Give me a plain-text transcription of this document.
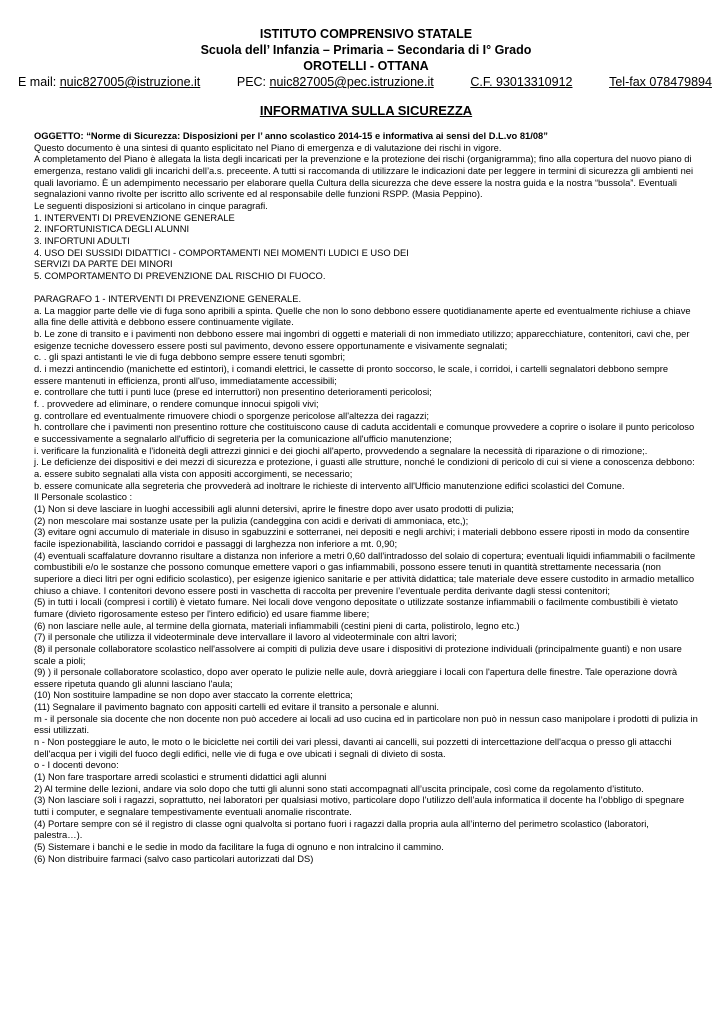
ISTITUTO COMPRENSIVO STATALE
Scuola dell’ Infanzia – Primaria – Secondaria di I° Grado
OROTELLI - OTTANA
E mail: nuic827005@istruzione.it	PEC: nuic827005@pec.istruzione.it	C.F. 93013310912	Tel-fax 078479894
INFORMATIVA SULLA SICUREZZA

OGGETTO: “Norme di Sicurezza: Disposizioni per l’ anno scolastico 2014-15 e informativa ai sensi del D.L.vo 81/08”

Questo documento è una sintesi di quanto esplicitato nel Piano di emergenza e di valutazione dei rischi in vigore.

A completamento del Piano è allegata la lista degli incaricati per la prevenzione e la protezione dei rischi (organigramma); fino alla copertura del nuovo piano di emergenza, restano validi gli incarichi dell’a.s. preceente. A tutti si raccomanda di utilizzare le indicazioni date per leggere in termini di sicurezza gli ambienti nei quali lavoriamo. È un adempimento necessario per elaborare quella Cultura della sicurezza che deve essere la nostra guida e la nostra “bussola”. Eventuali segnalazioni vanno rivolte per iscritto allo scrivente ed al responsabile delle funzioni RSPP. (Masia Peppino).

Le seguenti disposizioni si articolano in cinque paragrafi.

1. INTERVENTI DI PREVENZIONE GENERALE

2. INFORTUNISTICA DEGLI ALUNNI

3. INFORTUNI ADULTI

4. USO DEI SUSSIDI DIDATTICI - COMPORTAMENTI NEI MOMENTI LUDICI E USO DEI

SERVIZI DA PARTE DEI MINORI

5. COMPORTAMENTO DI PREVENZIONE DAL RISCHIO DI FUOCO.

PARAGRAFO 1 - INTERVENTI DI PREVENZIONE GENERALE.

a. La maggior parte delle vie di fuga sono apribili a spinta. Quelle che non lo sono debbono essere quotidianamente aperte ed eventualmente richiuse a chiave alla fine delle attività e debbono essere continuamente vigilate.

b. Le zone di transito e i pavimenti non debbono essere mai ingombri di oggetti e materiali di non immediato utilizzo; apparecchiature, contenitori, cavi che, per esigenze tecniche dovessero essere posti sul pavimento, devono essere opportunamente e visivamente segnalati;

c. . gli spazi antistanti le vie di fuga debbono sempre essere tenuti sgombri;

d. i mezzi antincendio (manichette ed estintori), i comandi elettrici, le cassette di pronto soccorso, le scale, i corridoi, i cartelli segnalatori debbono sempre essere mantenuti in efficienza, pronti all'uso, immediatamente accessibili;

e. controllare che tutti i punti luce (prese ed interruttori) non presentino deterioramenti pericolosi;

f. . provvedere ad eliminare, o rendere comunque innocui spigoli vivi;

g. controllare ed eventualmente rimuovere chiodi o sporgenze pericolose all'altezza dei ragazzi;

h. controllare che i pavimenti non presentino rotture che costituiscono cause di caduta accidentali e comunque provvedere a coprire o isolare il punto pericoloso e successivamente a segnalarlo all'ufficio di segreteria per la comunicazione all'ufficio manutenzione;

i. verificare la funzionalità e l'idoneità degli attrezzi ginnici e dei giochi all'aperto, provvedendo a segnalare la necessità di riparazione o di rimozione;.

j. Le deficienze dei dispositivi e dei mezzi di sicurezza e protezione, i guasti alle strutture, nonché le condizioni di pericolo di cui si viene a conoscenza debbono:

a. essere subito segnalati alla vista con appositi accorgimenti, se necessario;

b. essere comunicate alla segreteria che provvederà ad inoltrare le richieste di intervento all'Ufficio manutenzione edifici scolastici del Comune.

Il Personale scolastico :

(1) Non si deve lasciare in luoghi accessibili agli alunni detersivi, aprire le finestre dopo aver usato prodotti di pulizia;

(2) non mescolare mai sostanze usate per la pulizia (candeggina con acidi e derivati di ammoniaca, etc,);

(3) evitare ogni accumulo di materiale in disuso in sgabuzzini e sotterranei, nei depositi e negli archivi; i materiali debbono essere riposti in modo da consentire facile ispezionabilità, lasciando corridoi e passaggi di larghezza non inferiore a mt. 0,90;

(4) eventuali scaffalature dovranno risultare a distanza non inferiore a metri 0,60 dall'intradosso del solaio di copertura; eventuali liquidi infiammabili o facilmente combustibili e/o le sostanze che possono comunque emettere vapori o gas infiammabili, possono essere tenuti in quantità strettamente necessaria (non superiore a dieci litri per ogni edificio scolastico), per esigenze igienico sanitarie e per attività didattica; tale materiale deve essere custodito in armadio metallico chiuso a chiave. I contenitori devono essere posti in vaschetta di raccolta per prevenire l’eventuale perdita derivante dagli stessi contenitori;

(5) in tutti i locali (compresi i cortili) è vietato fumare. Nei locali dove vengono depositate o utilizzate sostanze infiammabili o facilmente combustibili è vietato fumare (divieto rigorosamente esteso per l'intero edificio) ed usare fiamme libere;

(6) non lasciare nelle aule, al termine della giornata, materiali infiammabili (cestini pieni di carta, polistirolo, legno etc.)

(7) il personale che utilizza il videoterminale deve intervallare il lavoro al videoterminale con altri lavori;

(8) il personale collaboratore scolastico nell'assolvere ai compiti di pulizia deve usare i dispositivi di protezione individuali (principalmente guanti) e non usare scale a pioli;

(9) ) il personale collaboratore scolastico, dopo aver operato le pulizie nelle aule, dovrà arieggiare i locali con l'apertura delle finestre. Tale operazione dovrà essere ripetuta quando gli alunni lasciano l'aula;

(10) Non sostituire lampadine se non dopo aver staccato la corrente elettrica;

(11) Segnalare il pavimento bagnato con appositi cartelli ed evitare il transito a personale e alunni.

m - il personale sia docente che non docente non può accedere ai locali ad uso cucina ed in particolare non può in nessun caso manipolare i prodotti di pulizia in essi utilizzati.

n - Non posteggiare le auto, le moto o le biciclette nei cortili dei vari plessi, davanti ai cancelli, sui pozzetti di intercettazione dell'acqua o presso gli attacchi dell'acqua per i vigili del fuoco degli edifici, nelle vie di fuga e ove ubicati i segnali di divieto di sosta.

o - I docenti devono:

(1) Non fare trasportare arredi scolastici e strumenti didattici agli alunni

2) Al termine delle lezioni, andare via solo dopo che tutti gli alunni sono stati accompagnati all’uscita principale, così come da regolamento d’istituto.

(3) Non lasciare soli i ragazzi, soprattutto, nei laboratori per qualsiasi motivo, particolare dopo l’utilizzo dell’aula informatica il docente ha l’obbligo di spegnare tutti i computer, e segnalare tempestivamente eventuali anomalie riscontrate.

(4) Portare sempre con sé il registro di classe ogni qualvolta si portano fuori i ragazzi dalla propria aula all’interno del perimetro scolastico (laboratori, palestra…).

(5) Sistemare i banchi e le sedie in modo da facilitare la fuga di ognuno e non intralcino il cammino.

(6) Non distribuire farmaci (salvo caso particolari autorizzati dal DS)
